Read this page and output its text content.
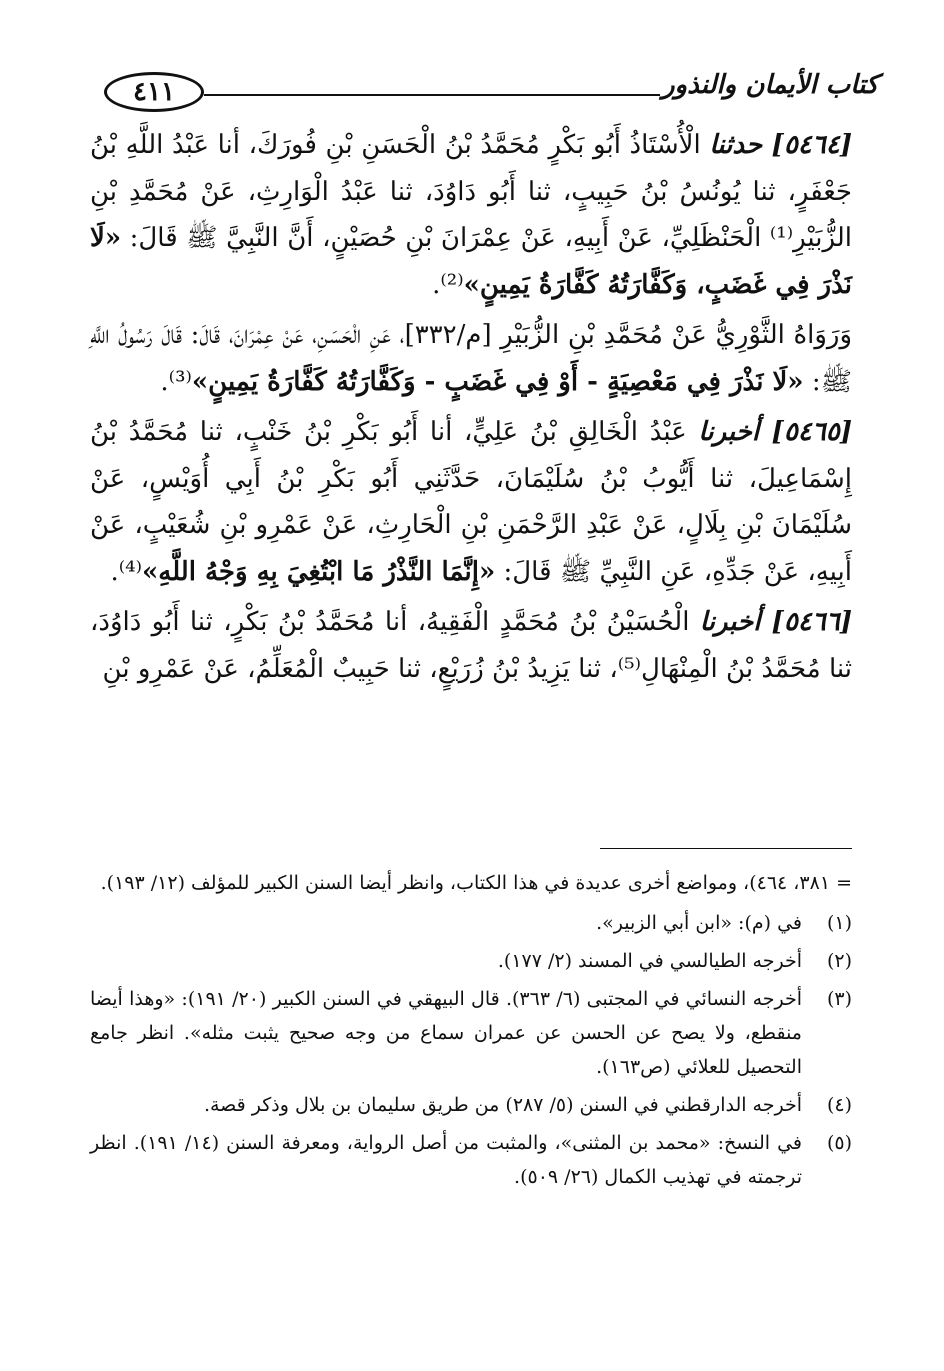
٤١١	كتاب الأيمان والنذور

[٥٤٦٤] حدثنا الْأُسْتَاذُ أَبُو بَكْرٍ مُحَمَّدُ بْنُ الْحَسَنِ بْنِ فُورَكَ، أنا عَبْدُ اللَّهِ بْنُ جَعْفَرٍ، ثنا يُونُسُ بْنُ حَبِيبٍ، ثنا أَبُو دَاوُدَ، ثنا عَبْدُ الْوَارِثِ، عَنْ مُحَمَّدِ بْنِ الزُّبَيْرِ⁽¹⁾ الْحَنْظَلِيِّ، عَنْ أَبِيهِ، عَنْ عِمْرَانَ بْنِ حُصَيْنٍ، أَنَّ النَّبِيَّ ﷺ قَالَ: «لَا نَذْرَ فِي غَضَبٍ، وَكَفَّارَتُهُ كَفَّارَةُ يَمِينٍ»⁽²⁾.

وَرَوَاهُ الثَّوْرِيُّ عَنْ مُحَمَّدِ بْنِ الزُّبَيْرِ [م/٣٣٢]، عَنِ الْحَسَنِ، عَنْ عِمْرَانَ، قَالَ: قَالَ رَسُولُ اللَّهِ ﷺ: «لَا نَذْرَ فِي مَعْصِيَةٍ - أَوْ فِي غَضَبٍ - وَكَفَّارَتُهُ كَفَّارَةُ يَمِينٍ»⁽³⁾.

[٥٤٦٥] أخبرنا عَبْدُ الْخَالِقِ بْنُ عَلِيٍّ، أنا أَبُو بَكْرِ بْنُ خَنْبٍ، ثنا مُحَمَّدُ بْنُ إِسْمَاعِيلَ، ثنا أَيُّوبُ بْنُ سُلَيْمَانَ، حَدَّثَنِي أَبُو بَكْرِ بْنُ أَبِي أُوَيْسٍ، عَنْ سُلَيْمَانَ بْنِ بِلَالٍ، عَنْ عَبْدِ الرَّحْمَنِ بْنِ الْحَارِثِ، عَنْ عَمْرِو بْنِ شُعَيْبٍ، عَنْ أَبِيهِ، عَنْ جَدِّهِ، عَنِ النَّبِيِّ ﷺ قَالَ: «إِنَّمَا النَّذْرُ مَا ابْتُغِيَ بِهِ وَجْهُ اللَّهِ»⁽⁴⁾.

[٥٤٦٦] أخبرنا الْحُسَيْنُ بْنُ مُحَمَّدٍ الْفَقِيهُ، أنا مُحَمَّدُ بْنُ بَكْرٍ، ثنا أَبُو دَاوُدَ، ثنا مُحَمَّدُ بْنُ الْمِنْهَالِ⁽⁵⁾، ثنا يَزِيدُ بْنُ زُرَيْعٍ، ثنا حَبِيبٌ الْمُعَلِّمُ، عَنْ عَمْرِو بْنِ

= ٣٨١، ٤٦٤)، ومواضع أخرى عديدة في هذا الكتاب، وانظر أيضا السنن الكبير للمؤلف (١٢/ ١٩٣).

(١)
في (م): «ابن أبي الزبير».
(٢)
أخرجه الطيالسي في المسند (٢/ ١٧٧).
(٣)
أخرجه النسائي في المجتبى (٦/ ٣٦٣). قال البيهقي في السنن الكبير (٢٠/ ١٩١): «وهذا أيضا منقطع، ولا يصح عن الحسن عن عمران سماع من وجه صحيح يثبت مثله». انظر جامع التحصيل للعلائي (ص١٦٣).
(٤)
أخرجه الدارقطني في السنن (٥/ ٢٨٧) من طريق سليمان بن بلال وذكر قصة.
(٥)
في النسخ: «محمد بن المثنى»، والمثبت من أصل الرواية، ومعرفة السنن (١٤/ ١٩١). انظر ترجمته في تهذيب الكمال (٢٦/ ٥٠٩).
